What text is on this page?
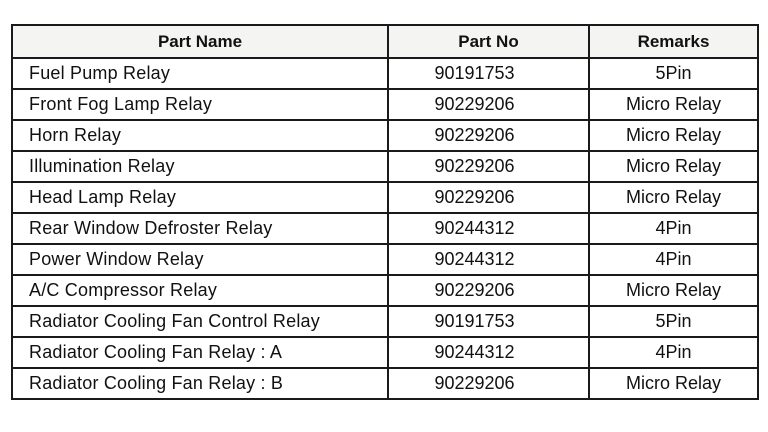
Part Name	Part No	Remarks
Fuel Pump Relay	90191753	5Pin
Front Fog Lamp Relay	90229206	Micro Relay
Horn Relay	90229206	Micro Relay
Illumination Relay	90229206	Micro Relay
Head Lamp Relay	90229206	Micro Relay
Rear Window Defroster Relay	90244312	4Pin
Power Window Relay	90244312	4Pin
A/C Compressor Relay	90229206	Micro Relay
Radiator Cooling Fan Control Relay	90191753	5Pin
Radiator Cooling Fan Relay : A	90244312	4Pin
Radiator Cooling Fan Relay : B	90229206	Micro Relay
